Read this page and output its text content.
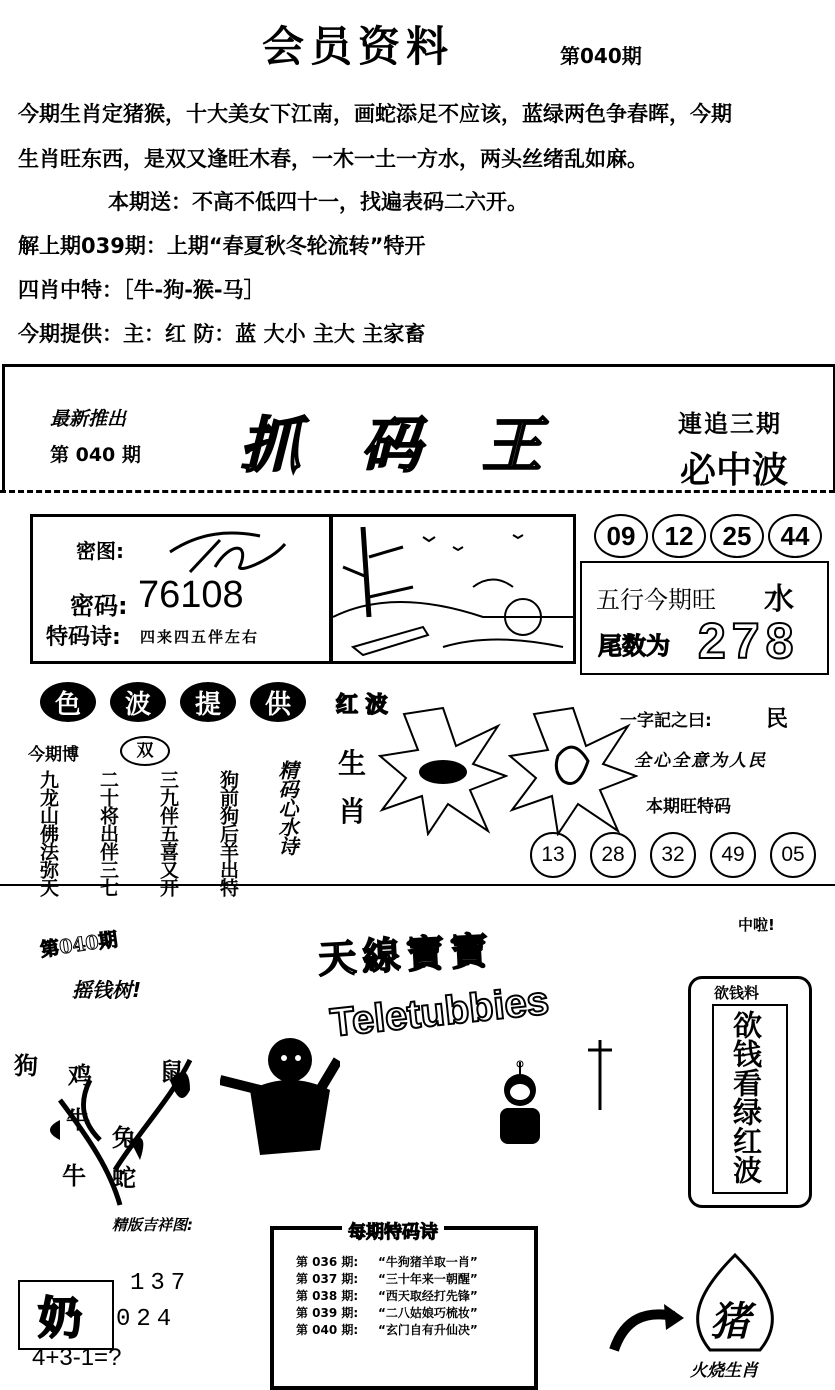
会员资料	第040期
今期生肖定猪猴，十大美女下江南，画蛇添足不应该，蓝绿两色争春晖，今期
生肖旺东西，是双又逢旺木春，一木一土一方水，两头丝绪乱如麻。
本期送：不高不低四十一，找遍表码二六开。
解上期039期：上期“春夏秋冬轮流转”特开
四肖中特：［牛-狗-猴-马］
今期提供：主：红 防：蓝 大小 主大 主家畜
最新推出
第 040 期 抓 码 王	連追三期
必中波
密图:
密码: 76108
特码诗: 四来四五伴左右
09	12	25	44
五行今期旺 水
尾数为 278
色	波	提	供
今期博	双
九龙山佛法弥天 二十将出伴三七 三九伴五喜又开 狗前狗后羊出特 精码心水诗
红 波
生
肖
一字記之曰: 民
全心全意为人民
本期旺特码
13	28	32	49	05
第040期
摇钱树!
天線寶寶
Teletubbies
狗 鸡	鼠
牛
兔
牛 蛇
中啦!
欲钱料
欲钱看绿红波
精版吉祥图:
奶
137
024
4+3-1=?
每期特码诗
第 036 期: “牛狗猪羊取一肖”
第 037 期: “三十年来一朝醒”
第 038 期: “西天取经打先锋”
第 039 期: “二八姑娘巧梳妆”
第 040 期: “玄门自有升仙决”	猪
火烧生肖
